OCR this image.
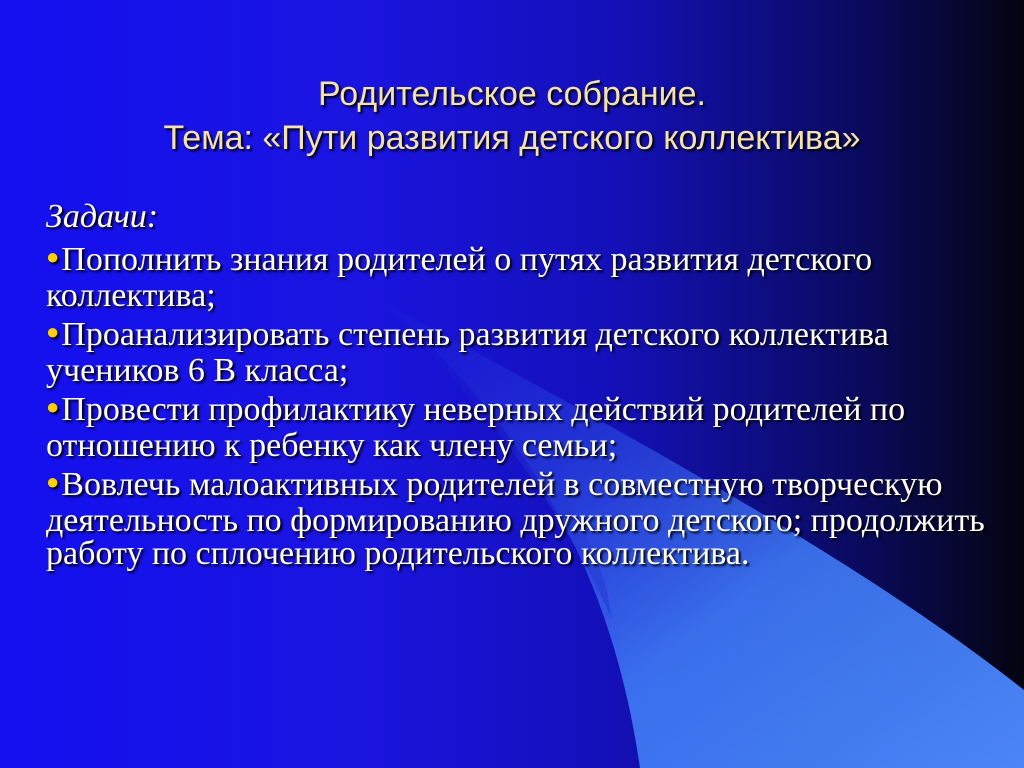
Родительское собрание.
Тема: «Пути развития детского коллектива»
Задачи:
●Пополнить знания родителей о путях развития детского коллектива;
●Проанализировать степень развития детского коллектива учеников 6 В класса;
●Провести профилактику неверных действий родителей по отношению к ребенку как члену семьи;
●Вовлечь малоактивных родителей в совместную творческую деятельность по формированию дружного детского; продолжить работу по сплочению родительского коллектива.
